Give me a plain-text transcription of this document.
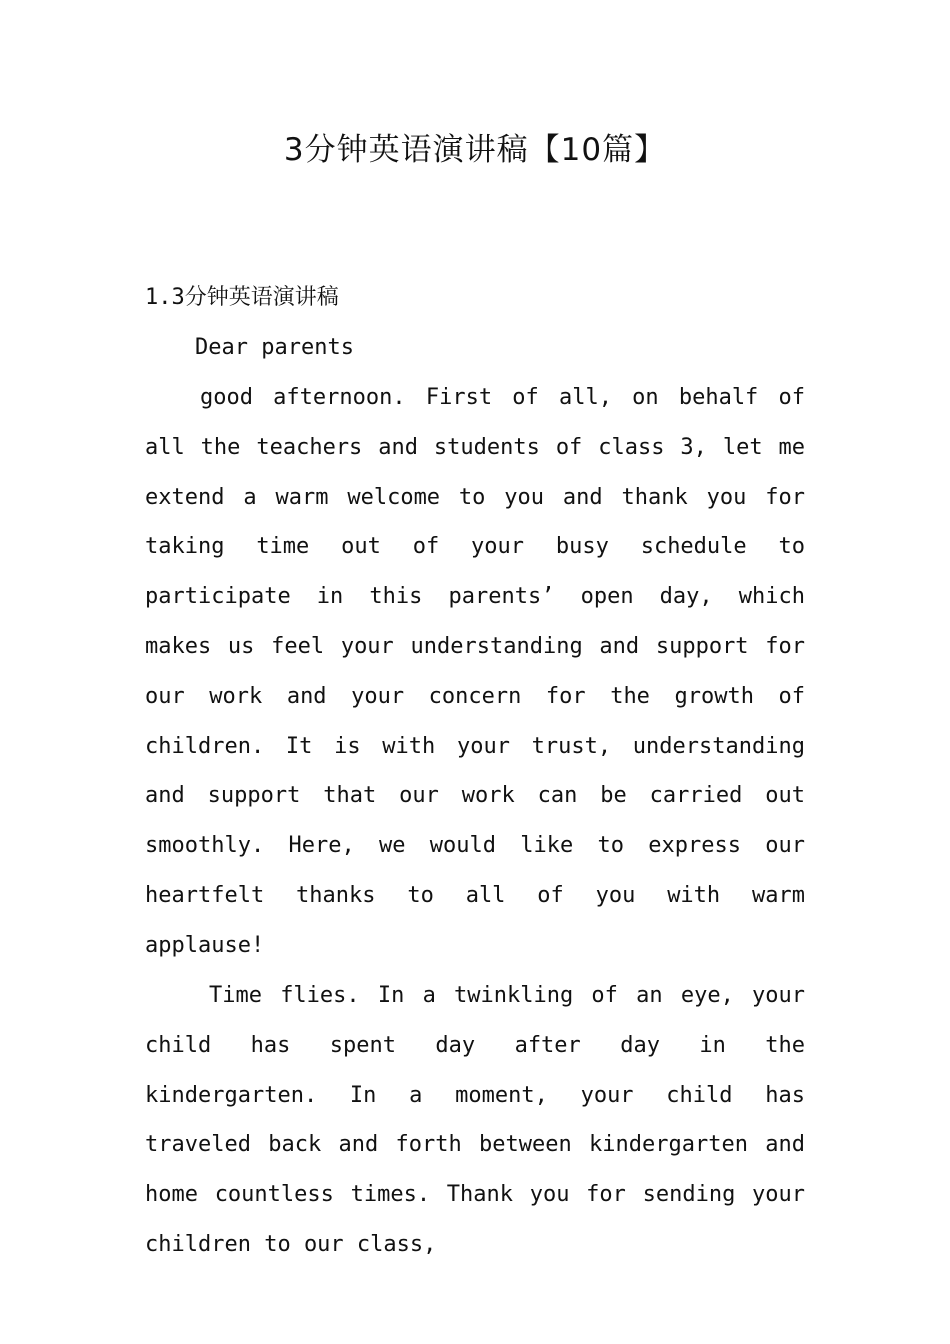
3分钟英语演讲稿【10篇】

1.3分钟英语演讲稿

Dear parents

good afternoon. First of all, on behalf of all the teachers and students of class 3, let me extend a warm welcome to you and thank you for taking time out of your busy schedule to participate in this parents’ open day, which makes us feel your understanding and support for our work and your concern for the growth of children. It is with your trust, understanding and support that our work can be carried out smoothly. Here, we would like to express our heartfelt thanks to all of you with warm applause!

Time flies. In a twinkling of an eye, your child has spent day after day in the kindergarten. In a moment, your child has traveled back and forth between kindergarten and home countless times. Thank you for sending your children to our class,
